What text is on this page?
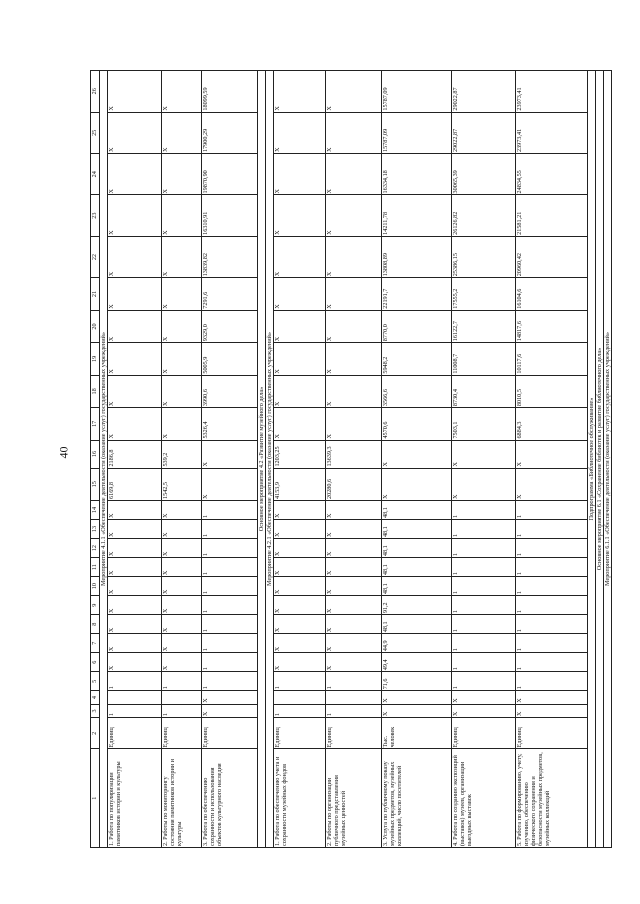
40
1	2	3	4	5	6	7	8	9	10	11	12	13	14	15	16	17	18	19	20	21	22	23	24	25	26
Мероприятие 4.1.1 «Обеспечение деятельности (оказание услуг) государственных учреждений»																									
1. Работа по популяризации памятников истории и культуры	Единиц	1		1	X	X	X	X	X	X	X	X	X	6169,8	2186,8	X	X	X	X	X	X	X	X	X	X
2. Работы по мониторингу состояния памятников истории и культуры	Единиц	1		1	X	X	X	X	X	X	X	X	X	1542,5	539,2	X	X	X	X	X	X	X	X	X	X
3. Работа по обеспечению сохранности и использования объектов культурного наследия	Единиц	X	X	1	1	1	1	1	1	1	1	1	1	X	X	5326,4	3990,6	5005,9	9329,0	7291,6	13839,82	16310,91	19870,90	17900,29	18099,59
Основное мероприятие 4.2 «Развитие музейного дела»																									
Мероприятие 4.2.1 «Обеспечение деятельности (оказание услуг) государственных учреждений»																									
1. Работа по обеспечению учета и сохранности музейных фондов	Единиц	1		1	X	X	X	X	X	X	X	X	X	4153,9	1203,25	X	X	X	X	X	X	X	X	X	X
2. Работы по организации публичного представления музейных ценностей	Единиц	1		1	X	X	X	X	X	X	X	X	X	20280,6	13639,3	X	X	X	X	X	X	X	X	X	X
3. Услуга по публичному показу музейных предметов, музейных коллекций, число посетителей	Тыс. человек	X	X	71,6	49,4	44,9	48,1	91,2	48,1	48,1	48,1	48,1	48,1	X	X	4570,6	3566,6	5948,2	8770,0	22191,7	13808,89	14211,78	16334,18	15787,09	15787,09
4. Работа по созданию экспозиций (выставок) музеев, организации выездных выставок	Единиц	X	X	1	1	1	1	1	1	1	1	1	1	X	X	7503,1	8730,4	11008,7	16122,7	17555,2	25386,15	26126,82	30065,39	29022,87	29022,87
5. Работа по формированию, учету, изучению, обеспечению физического сохранения и безопасности музейных предметов, музейных коллекций	Единиц	X	X	1	1	1	1	1	1	1	1	1	1	X	X	6884,3	8010,5	10117,6	14817,6	16104,6	20960,42	21581,21	24834,55	23973,41	23973,41
Подпрограмма «Библиотечное обслуживание»																									
Основное мероприятие 6.1 «Сохранение библиотек и развитие библиотечного дела»																									
Мероприятие 6.1.1 «Обеспечение деятельности (оказание услуг) государственных учреждений»																									
